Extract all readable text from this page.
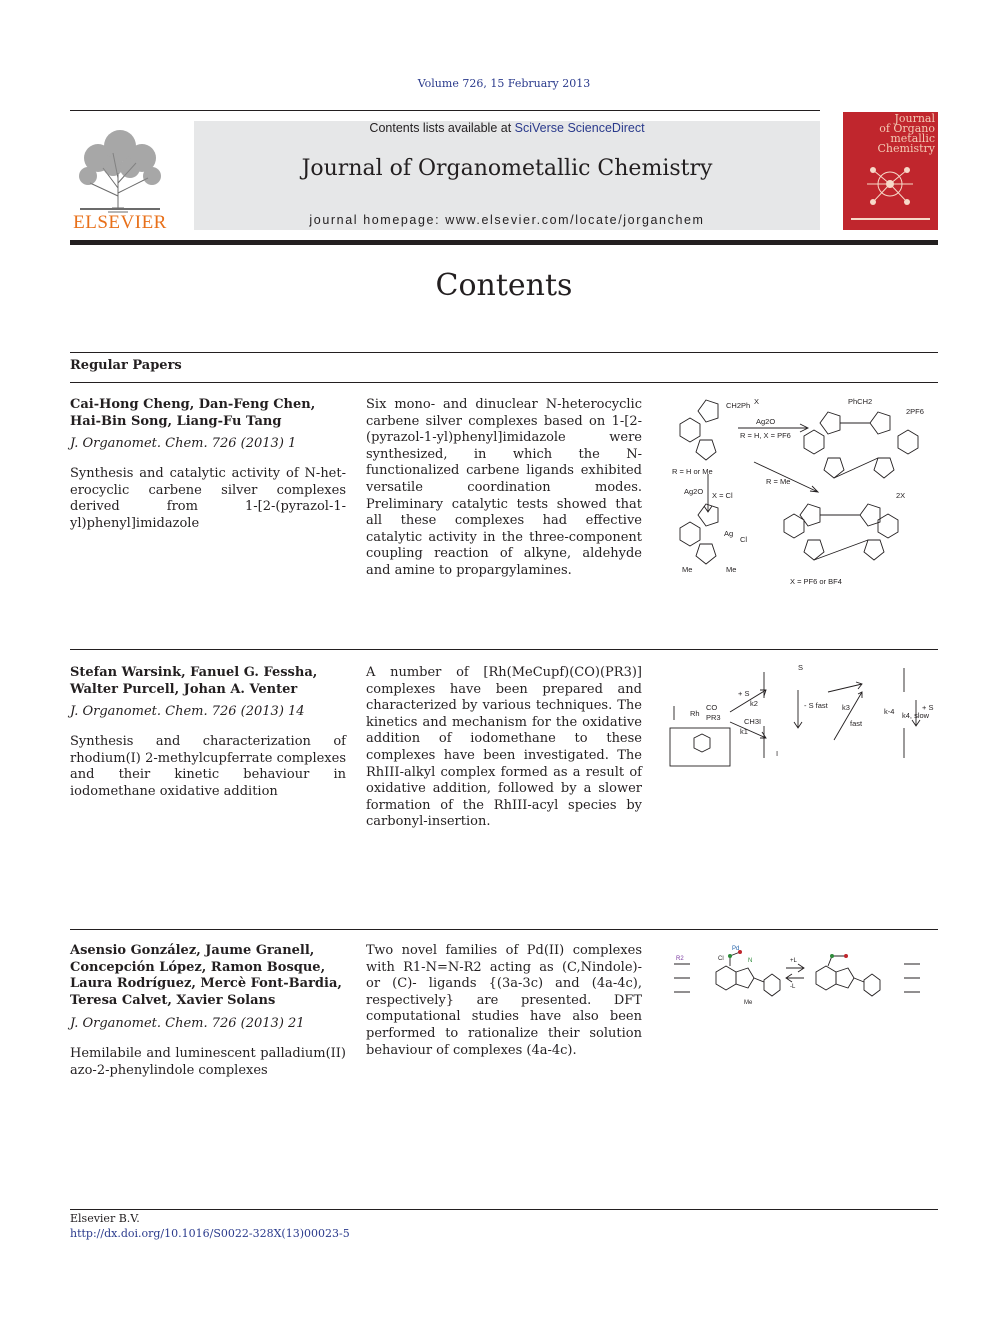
Volume 726, 15 February 2013
ELSEVIER
Contents lists available at SciVerse ScienceDirect
Journal of Organometallic Chemistry
journal homepage: www.elsevier.com/locate/jorganchem
Journal
of Organo
metallic
Chemistry
Contents
Regular Papers
Cai-Hong Cheng, Dan-Feng Chen,
Hai-Bin Song, Liang-Fu Tang
J. Organomet. Chem. 726 (2013) 1
Synthesis and catalytic activity of N-het-erocyclic carbene silver complexes derived from 1-[2-(pyrazol-1-yl)phenyl]imidazole
Six mono- and dinuclear N-heterocyclic carbene silver complexes based on 1-[2-(pyrazol-1-yl)phenyl]imidazole were synthesized, in which the N-functionalized carbene ligands exhibited versatile coordination modes. Preliminary catalytic tests showed that all these complexes had effective catalytic activity in the three-component coupling reaction of alkyne, aldehyde and amine to propargylamines.
CH2Ph X
Ag2O
R = H, X = PF6
R = H or Me
R = Me
Ag2O X = Cl
Ag
Cl
Me	Me
PhCH2
2PF6
2X
X = PF6 or BF4
Stefan Warsink, Fanuel G. Fessha,
Walter Purcell, Johan A. Venter
J. Organomet. Chem. 726 (2013) 14
Synthesis and characterization of rhodium(I) 2-methylcupferrate complexes and their kinetic behaviour in iodomethane oxidative addition
A number of [Rh(MeCupf)(CO)(PR3)] complexes have been prepared and characterized by various techniques. The kinetics and mechanism for the oxidative addition of iodomethane to these complexes have been investigated. The RhIII-alkyl complex formed as a result of oxidative addition, followed by a slower formation of the RhIII-acyl species by carbonyl-insertion.
Rh
CO
PR3
+ S
k2	- S fast
CH3I
k1
k3
fast
+ S
k-4 k4, slow
S
I
Asensio González, Jaume Granell,
Concepción López, Ramon Bosque,
Laura Rodríguez, Mercè Font-Bardia,
Teresa Calvet, Xavier Solans
J. Organomet. Chem. 726 (2013) 21
Hemilabile and luminescent palladium(II) azo-2-phenylindole complexes
Two novel families of Pd(II) complexes with R1-N=N-R2 acting as (C,Nindole)- or (C)- ligands {(3a-3c) and (4a-4c), respectively} are presented. DFT computational studies have also been performed to rationalize their solution behaviour of complexes (4a-4c).
R2	Cl
Pd
N
Me
+L
-L
Elsevier B.V.
http://dx.doi.org/10.1016/S0022-328X(13)00023-5
